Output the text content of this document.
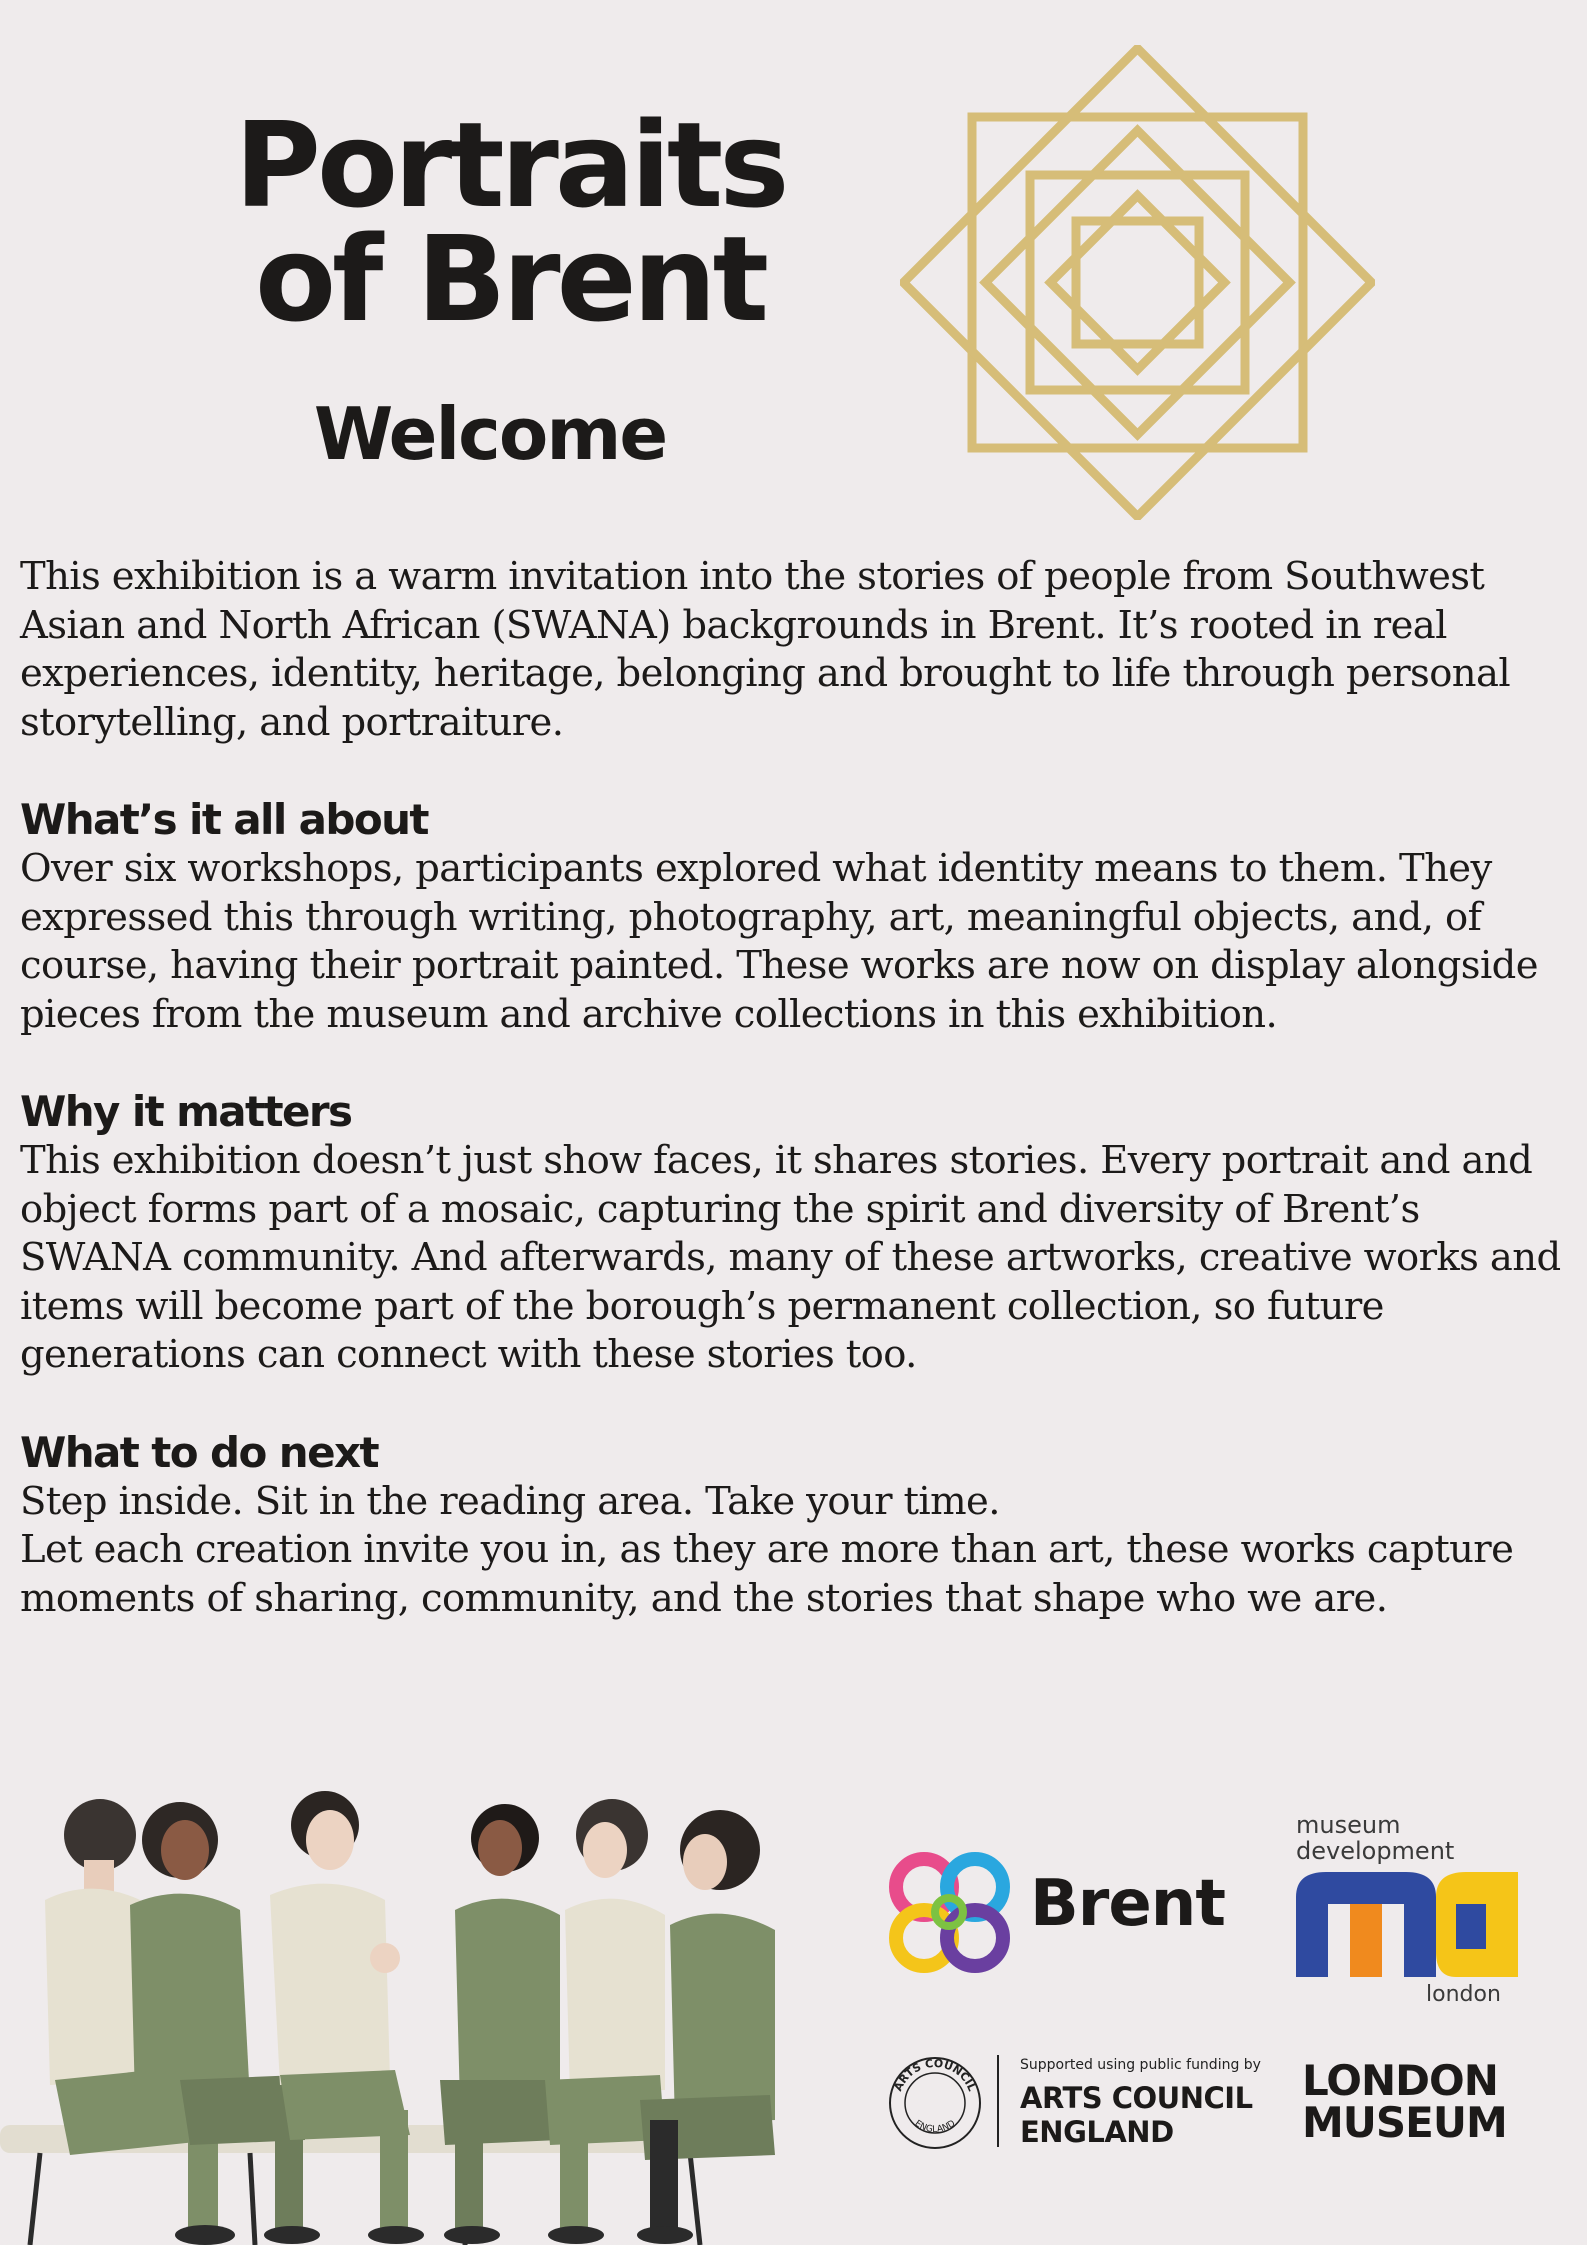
Portraits
of Brent
Welcome

This exhibition is a warm invitation into the stories of people from Southwest Asian and North African (SWANA) backgrounds in Brent. It’s rooted in real experiences, identity, heritage, belonging and brought to life through personal storytelling, and portraiture.

What’s it all about

Over six workshops, participants explored what identity means to them. They expressed this through writing, photography, art, meaningful objects, and, of course, having their portrait painted. These works are now on display alongside pieces from the museum and archive collections in this exhibition.

Why it matters

This exhibition doesn’t just show faces, it shares stories. Every portrait and and object forms part of a mosaic, capturing the spirit and diversity of Brent’s SWANA community. And afterwards, many of these artworks, creative works and items will become part of the borough’s permanent collection, so future generations can connect with these stories too.

What to do next

Step inside. Sit in the reading area. Take your time.

Let each creation invite you in, as they are more than art, these works capture moments of sharing, community, and the stories that shape who we are.

Brent
museum
development
london
ARTS COUNCIL
ENGLAND
Supported using public funding by
ARTS COUNCIL
ENGLAND
LONDON
MUSEUM
